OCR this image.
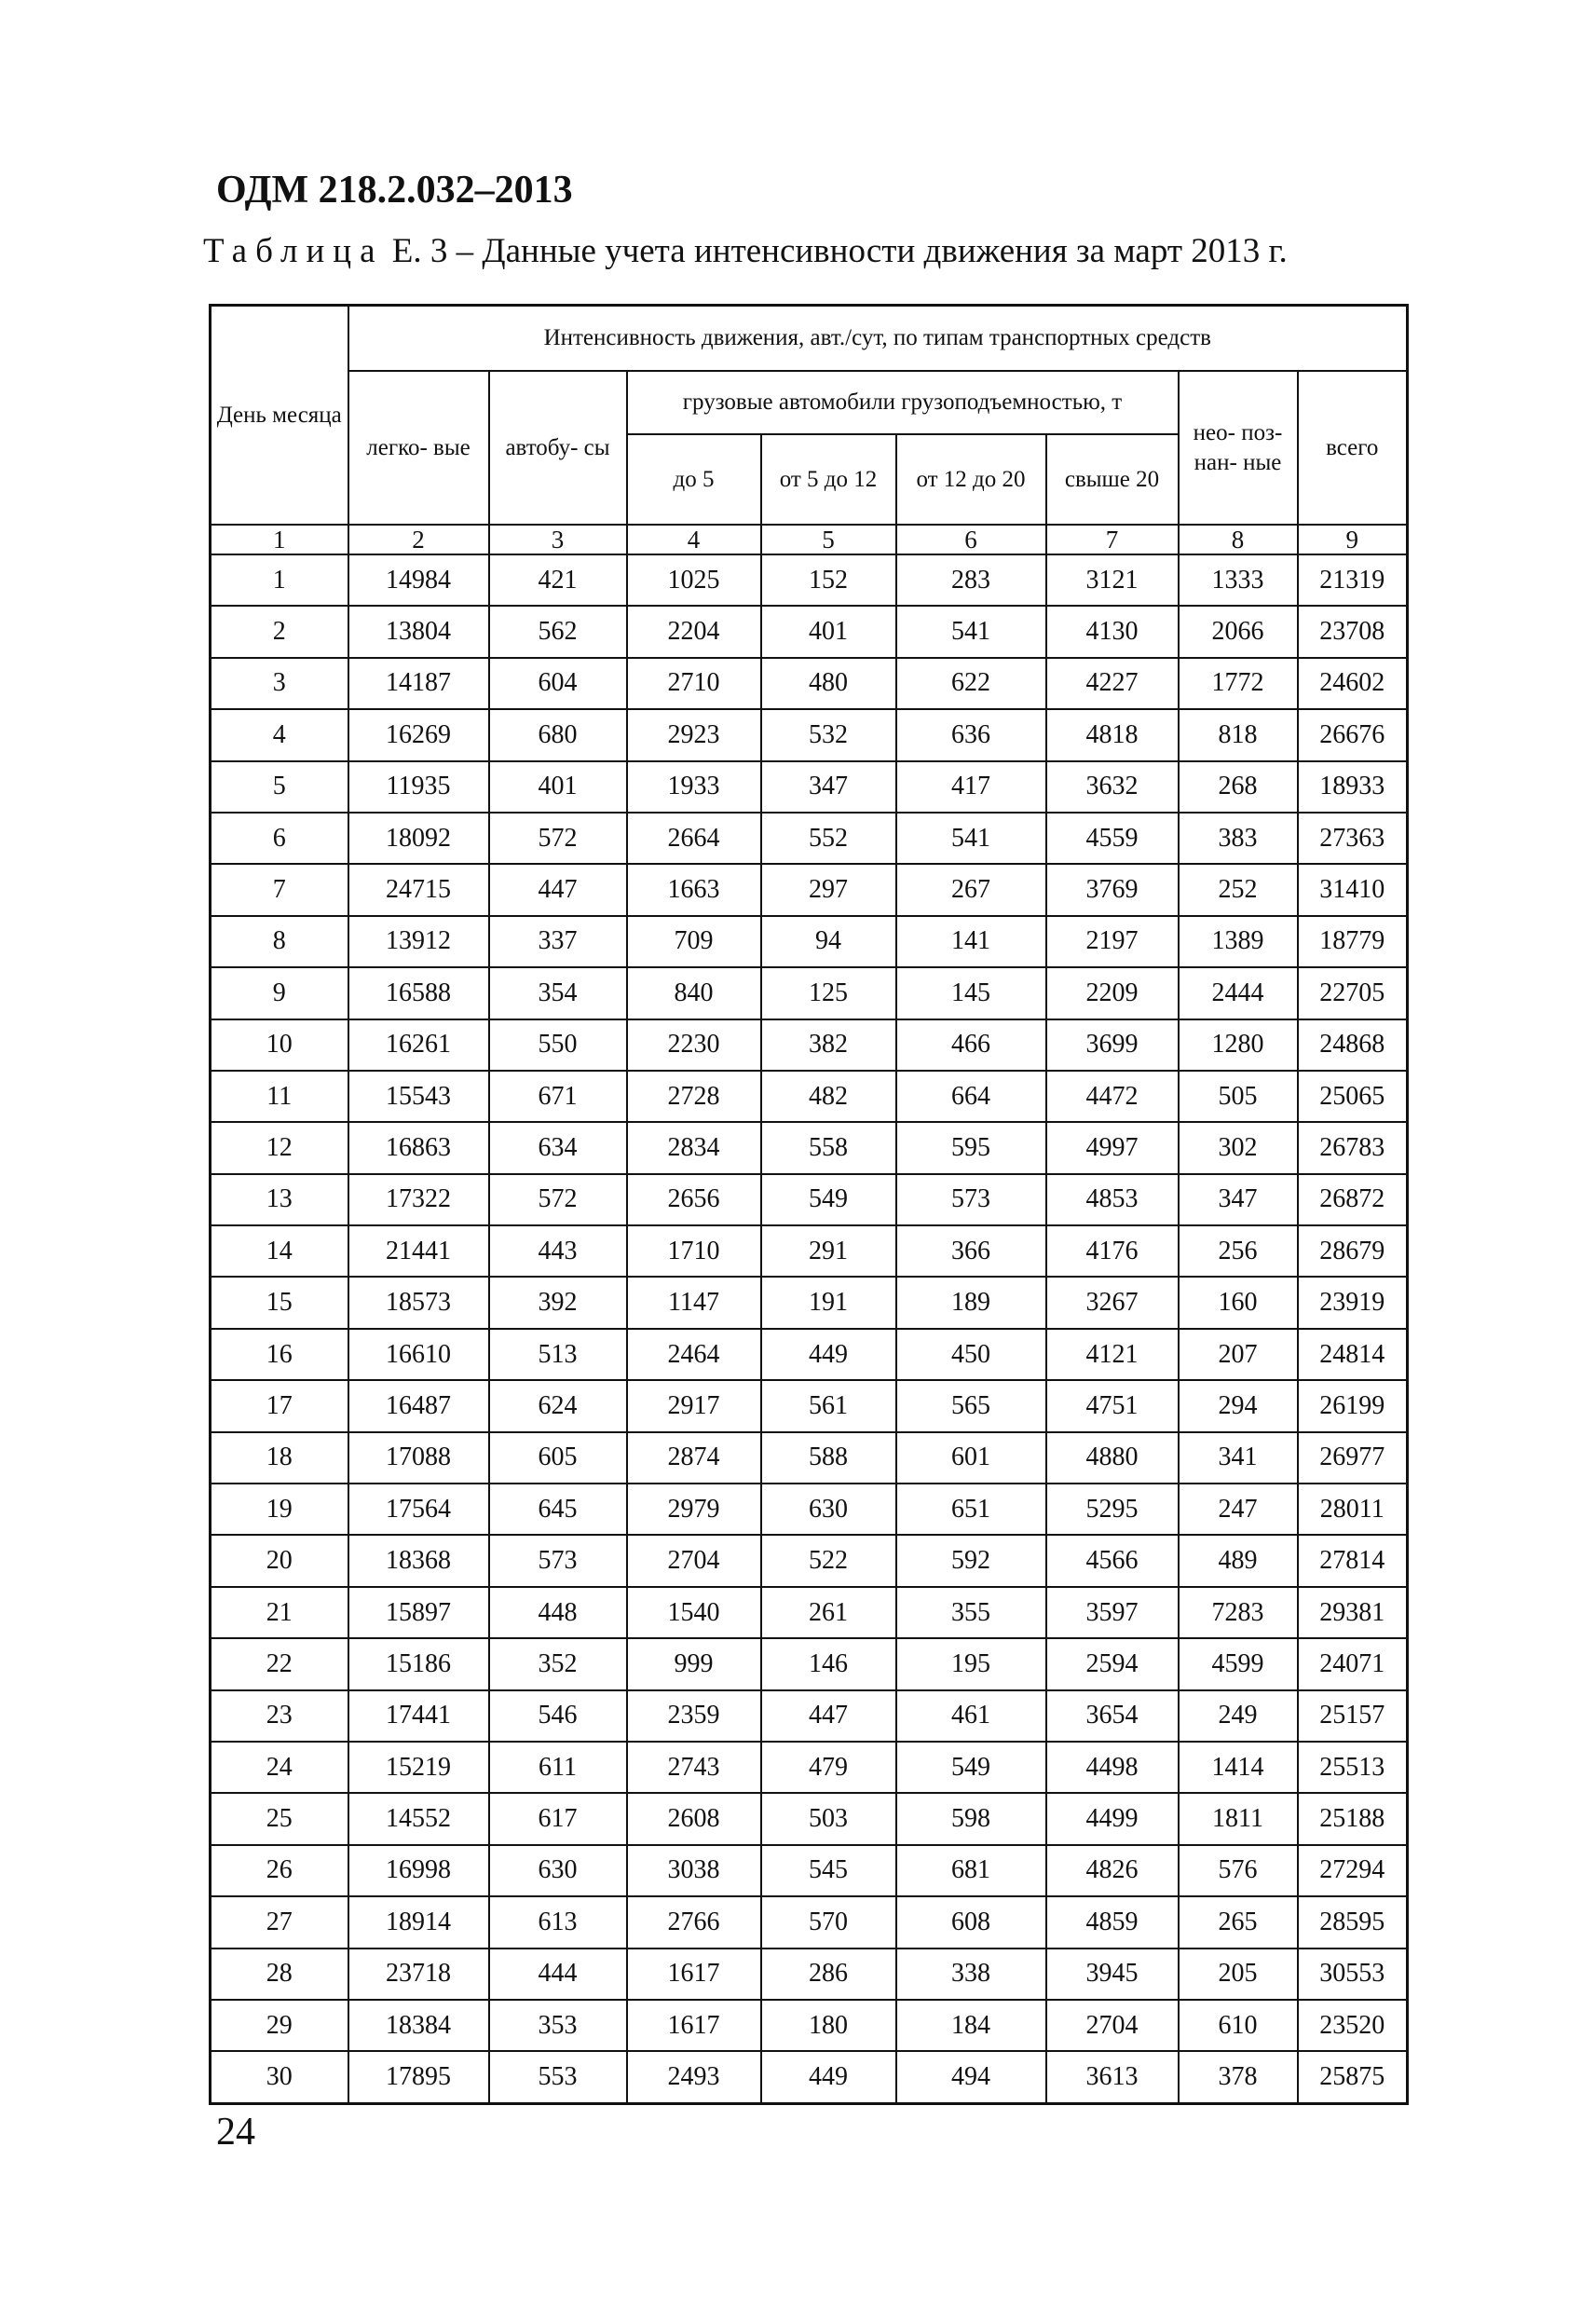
ОДМ 218.2.032–2013
Таблица Е. 3 – Данные учета интенсивности движения за март 2013 г.
День месяца	Интенсивность движения, авт./сут, по типам транспортных средств							
	легко- вые	автобу- сы	грузовые автомобили грузоподъемностью, т				нео- поз- нан- ные	всего
			до 5	от 5 до 12	от 12 до 20	свыше 20		
1	2	3	4	5	6	7	8	9
1	14984	421	1025	152	283	3121	1333	21319
2	13804	562	2204	401	541	4130	2066	23708
3	14187	604	2710	480	622	4227	1772	24602
4	16269	680	2923	532	636	4818	818	26676
5	11935	401	1933	347	417	3632	268	18933
6	18092	572	2664	552	541	4559	383	27363
7	24715	447	1663	297	267	3769	252	31410
8	13912	337	709	94	141	2197	1389	18779
9	16588	354	840	125	145	2209	2444	22705
10	16261	550	2230	382	466	3699	1280	24868
11	15543	671	2728	482	664	4472	505	25065
12	16863	634	2834	558	595	4997	302	26783
13	17322	572	2656	549	573	4853	347	26872
14	21441	443	1710	291	366	4176	256	28679
15	18573	392	1147	191	189	3267	160	23919
16	16610	513	2464	449	450	4121	207	24814
17	16487	624	2917	561	565	4751	294	26199
18	17088	605	2874	588	601	4880	341	26977
19	17564	645	2979	630	651	5295	247	28011
20	18368	573	2704	522	592	4566	489	27814
21	15897	448	1540	261	355	3597	7283	29381
22	15186	352	999	146	195	2594	4599	24071
23	17441	546	2359	447	461	3654	249	25157
24	15219	611	2743	479	549	4498	1414	25513
25	14552	617	2608	503	598	4499	1811	25188
26	16998	630	3038	545	681	4826	576	27294
27	18914	613	2766	570	608	4859	265	28595
28	23718	444	1617	286	338	3945	205	30553
29	18384	353	1617	180	184	2704	610	23520
30	17895	553	2493	449	494	3613	378	25875
24
